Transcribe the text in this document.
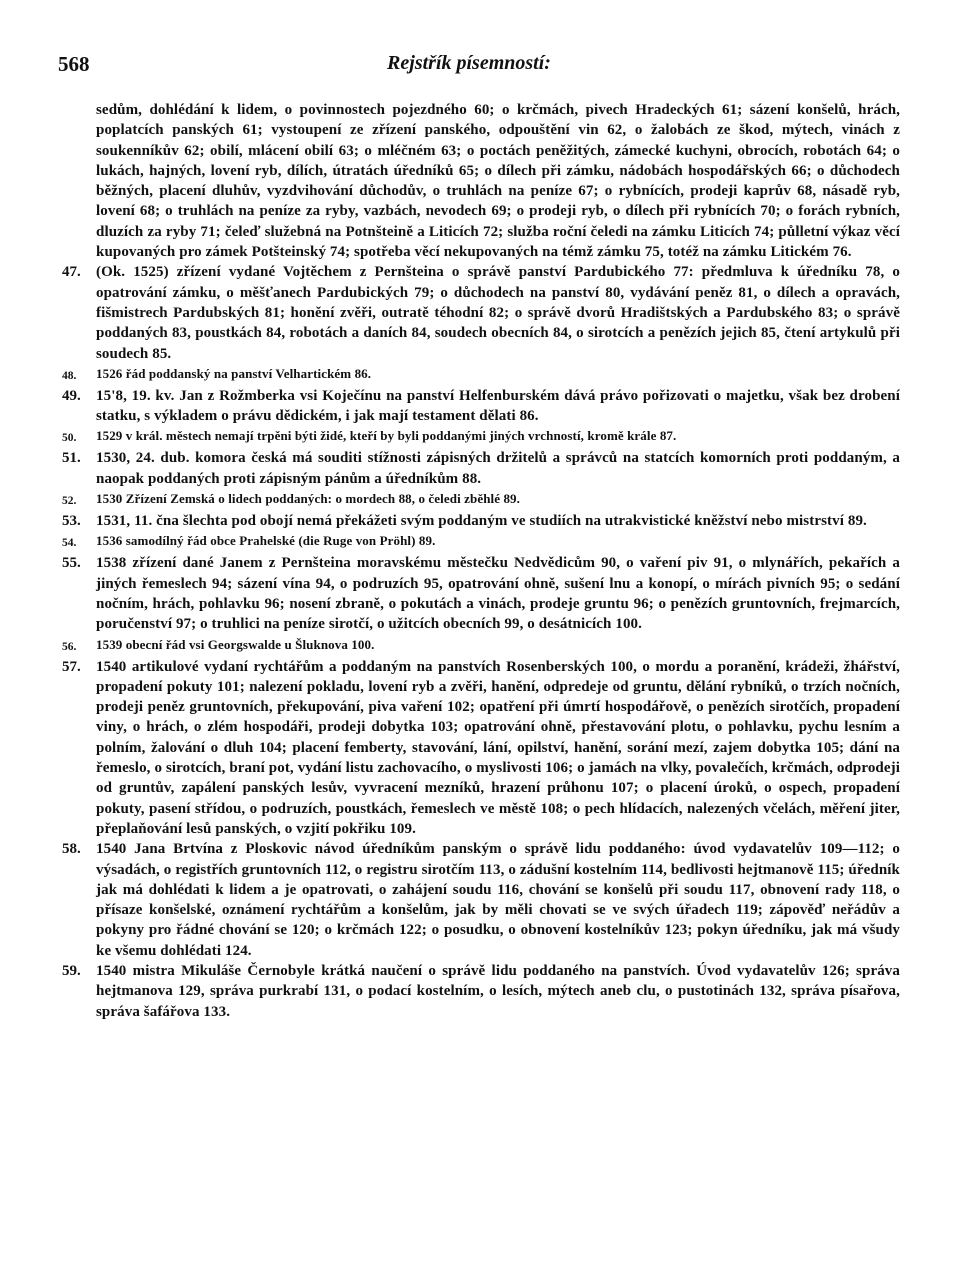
568	Rejstřík písemností:
sedům, dohlédání k lidem, o povinnostech pojezdného 60; o krčmách, pivech Hradeckých 61; sázení konšelů, hrách, poplatcích panských 61; vystoupení ze zřízení panského, odpouštění vin 62, o žalobách ze škod, mýtech, vinách z soukenníkův 62; obilí, mlácení obilí 63; o mléčném 63; o poctách peněžitých, zámecké kuchyni, obrocích, robotách 64; o lukách, hajných, lovení ryb, dílích, útratách úředníků 65; o dílech při zámku, nádobách hospodářských 66; o důchodech běžných, placení dluhův, vyzdvihování důchodův, o truhlách na peníze 67; o rybnících, prodeji kaprův 68, násadě ryb, lovení 68; o truhlách na peníze za ryby, vazbách, nevodech 69; o prodeji ryb, o dílech při rybnících 70; o forách rybních, dluzích za ryby 71; čeleď služebná na Potnšteině a Liticích 72; služba roční čeledi na zámku Liticích 74; půlletní výkaz věcí kupovaných pro zámek Potšteinský 74; spotřeba věcí nekupovaných na témž zámku 75, totéž na zámku Litickém 76.
47.	(Ok. 1525) zřízení vydané Vojtěchem z Pernšteina o správě panství Pardubického 77: předmluva k úředníku 78, o opatrování zámku, o měšťanech Pardubických 79; o důchodech na panství 80, vydávání peněz 81, o dílech a opravách, fišmistrech Pardubských 81; honění zvěři, outratě téhodní 82; o správě dvorů Hradištských a Pardubského 83; o správě poddaných 83, poustkách 84, robotách a daních 84, soudech obecních 84, o sirotcích a penězích jejich 85, čtení artykulů při soudech 85.
48.	1526 řád poddanský na panství Velhartickém 86.
49.	15'8, 19. kv. Jan z Rožmberka vsi Koječínu na panství Helfenburském dává právo pořizovati o majetku, však bez drobení statku, s výkladem o právu dědickém, i jak mají testament dělati 86.
50.	1529 v král. městech nemají trpěni býti židé, kteří by byli poddanými jiných vrchností, kromě krále 87.
51.	1530, 24. dub. komora česká má souditi stížnosti zápisných držitelů a správců na statcích komorních proti poddaným, a naopak poddaných proti zápisným pánům a úředníkům 88.
52.	1530 Zřízení Zemská o lidech poddaných: o mordech 88, o čeledi zběhlé 89.
53.	1531, 11. čna šlechta pod obojí nemá překážeti svým poddaným ve studiích na utrakvistické kněžství nebo mistrství 89.
54.	1536 samodílný řád obce Prahelské (die Ruge von Pröhl) 89.
55.	1538 zřízení dané Janem z Pernšteina moravskému městečku Nedvědicům 90, o vaření piv 91, o mlynářích, pekařích a jiných řemeslech 94; sázení vína 94, o podruzích 95, opatrování ohně, sušení lnu a konopí, o mírách pivních 95; o sedání nočním, hrách, pohlavku 96; nosení zbraně, o pokutách a vinách, prodeje gruntu 96; o penězích gruntovních, frejmarcích, poručenství 97; o truhlici na peníze sirotčí, o užitcích obecních 99, o desátnicích 100.
56.	1539 obecní řád vsi Georgswalde u Šluknova 100.
57.	1540 artikulové vydaní rychtářům a poddaným na panstvích Rosenberských 100, o mordu a poranění, krádeži, žhářství, propadení pokuty 101; nalezení pokladu, lovení ryb a zvěři, hanění, odpredeje od gruntu, dělání rybníků, o trzích nočních, prodeji peněz gruntovních, překupování, piva vaření 102; opatření při úmrtí hospodářově, o penězích sirotčích, propadení viny, o hrách, o zlém hospodáři, prodeji dobytka 103; opatrování ohně, přestavování plotu, o pohlavku, pychu lesním a polním, žalování o dluh 104; placení femberty, stavování, lání, opilství, hanění, sorání mezí, zajem dobytka 105; dání na řemeslo, o sirotcích, braní pot, vydání listu zachovacího, o myslivosti 106; o jamách na vlky, povalečích, krčmách, odprodeji od gruntův, zapálení panských lesův, vyvracení mezníků, hrazení průhonu 107; o placení úroků, o ospech, propadení pokuty, pasení střídou, o podruzích, poustkách, řemeslech ve městě 108; o pech hlídacích, nalezených včelách, měření jiter, přeplaňování lesů panských, o vzjití pokřiku 109.
58.	1540 Jana Brtvína z Ploskovic návod úředníkům panským o správě lidu poddaného: úvod vydavatelův 109—112; o výsadách, o registřích gruntovních 112, o registru sirotčím 113, o zádušní kostelním 114, bedlivosti hejtmanově 115; úředník jak má dohlédati k lidem a je opatrovati, o zahájení soudu 116, chování se konšelů při soudu 117, obnovení rady 118, o přísaze konšelské, oznámení rychtářům a konšelům, jak by měli chovati se ve svých úřadech 119; zápověď neřádův a pokyny pro řádné chování se 120; o krčmách 122; o posudku, o obnovení kostelníkův 123; pokyn úředníku, jak má všudy ke všemu dohlédati 124.
59.	1540 mistra Mikuláše Černobyle krátká naučení o správě lidu poddaného na panstvích. Úvod vydavatelův 126; správa hejtmanova 129, správa purkrabí 131, o podací kostelním, o lesích, mýtech aneb clu, o pustotinách 132, správa písařova, správa šafářova 133.
